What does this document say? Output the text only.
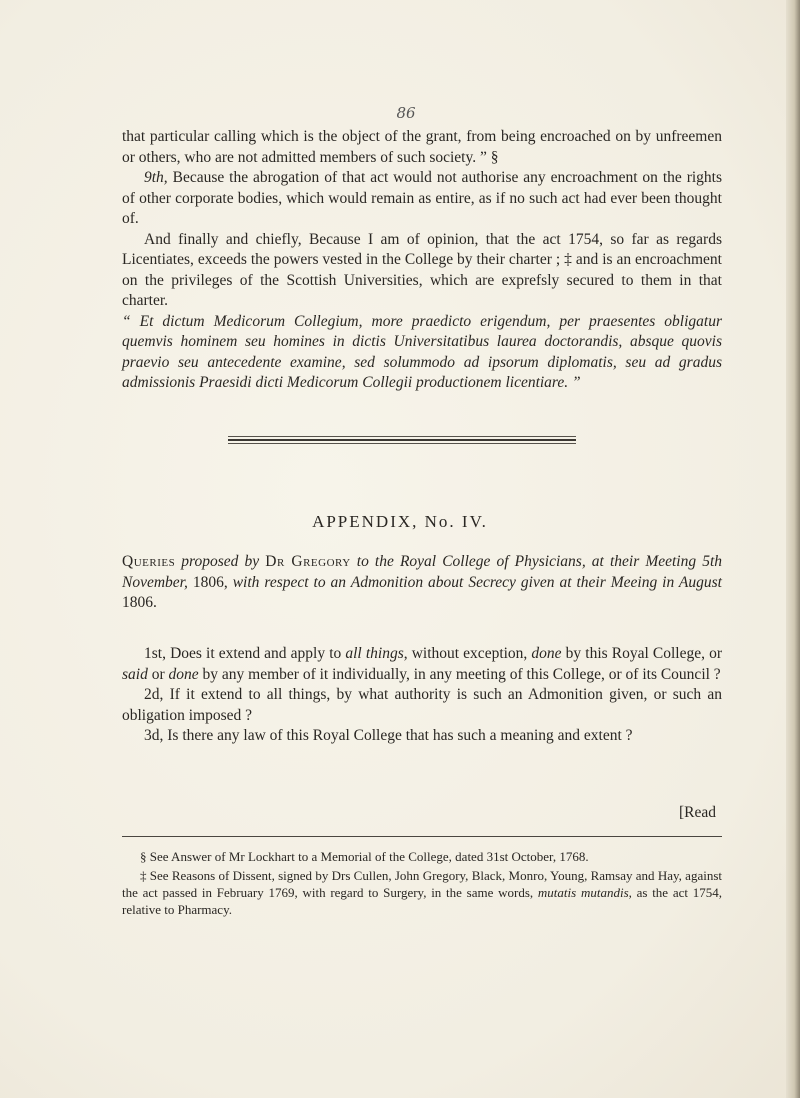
86

that particular calling which is the object of the grant, from being encroached on by unfreemen or others, who are not admitted members of such society. ” §

9th, Because the abrogation of that act would not authorise any encroachment on the rights of other corporate bodies, which would remain as entire, as if no such act had ever been thought of.

And finally and chiefly, Because I am of opinion, that the act 1754, so far as regards Licentiates, exceeds the powers vested in the College by their charter ; ‡ and is an encroachment on the privileges of the Scottish Universities, which are exprefsly secured to them in that charter.

“ Et dictum Medicorum Collegium, more praedicto erigendum, per praesentes obligatur quemvis hominem seu homines in dictis Universitatibus laurea doctorandis, absque quovis praevio seu antecedente examine, sed solummodo ad ipsorum diplomatis, seu ad gradus admissionis Praesidi dicti Medicorum Collegii productionem licentiare. ”

APPENDIX, No. IV.

Queries proposed by Dr Gregory to the Royal College of Physicians, at their Meeting 5th November, 1806, with respect to an Admonition about Secrecy given at their Meeing in August 1806.

1st, Does it extend and apply to all things, without exception, done by this Royal College, or said or done by any member of it individually, in any meeting of this College, or of its Council ?

2d, If it extend to all things, by what authority is such an Admonition given, or such an obligation imposed ?

3d, Is there any law of this Royal College that has such a meaning and extent ?

[Read

§ See Answer of Mr Lockhart to a Memorial of the College, dated 31st October, 1768.

‡ See Reasons of Dissent, signed by Drs Cullen, John Gregory, Black, Monro, Young, Ramsay and Hay, against the act passed in February 1769, with regard to Surgery, in the same words, mutatis mutandis, as the act 1754, relative to Pharmacy.
